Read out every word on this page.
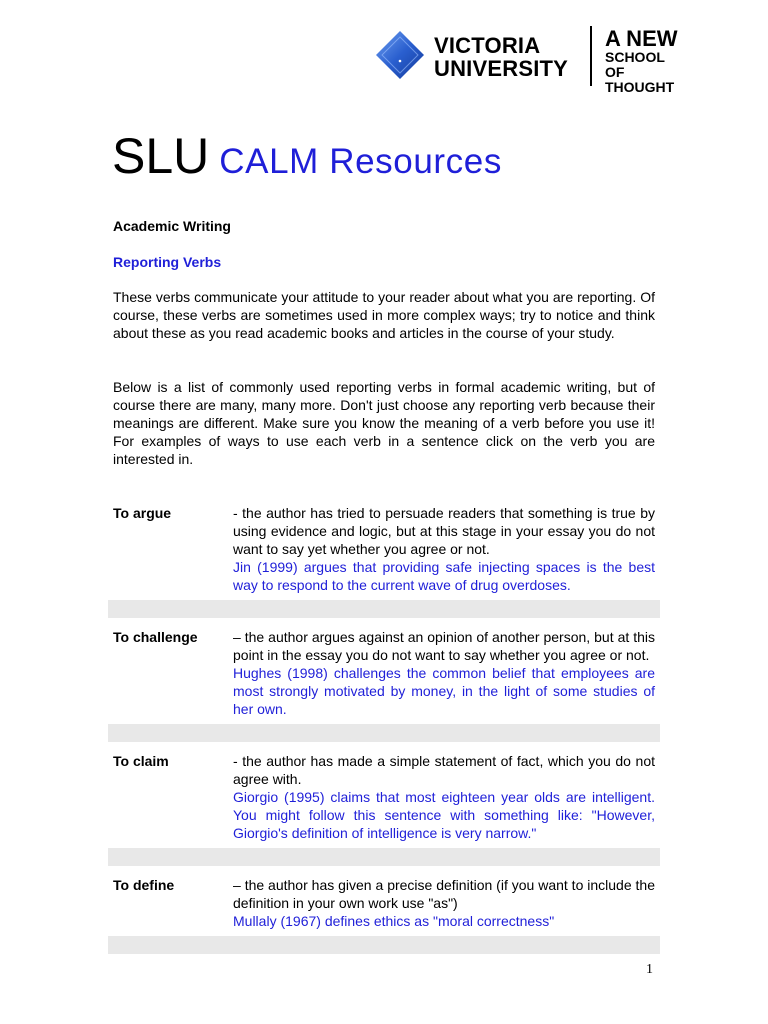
VICTORIA
UNIVERSITY
A NEW
SCHOOL OF
THOUGHT
SLU CALM Resources
Academic Writing
Reporting Verbs

These verbs communicate your attitude to your reader about what you are reporting. Of course, these verbs are sometimes used in more complex ways; try to notice and think about these as you read academic books and articles in the course of your study.

Below is a list of commonly used reporting verbs in formal academic writing, but of course there are many, many more. Don't just choose any reporting verb because their meanings are different. Make sure you know the meaning of a verb before you use it! For examples of ways to use each verb in a sentence click on the verb you are interested in.

To argue	- the author has tried to persuade readers that something is true by using evidence and logic, but at this stage in your essay you do not want to say yet whether you agree or not.
Jin (1999) argues that providing safe injecting spaces is the best way to respond to the current wave of drug overdoses.
To challenge	– the author argues against an opinion of another person, but at this point in the essay you do not want to say whether you agree or not.
Hughes (1998) challenges the common belief that employees are most strongly motivated by money, in the light of some studies of her own.
To claim	- the author has made a simple statement of fact, which you do not agree with.
Giorgio (1995) claims that most eighteen year olds are intelligent. You might follow this sentence with something like: "However, Giorgio's definition of intelligence is very narrow."
To define	– the author has given a precise definition (if you want to include the definition in your own work use "as")
Mullaly (1967) defines ethics as "moral correctness"
1
